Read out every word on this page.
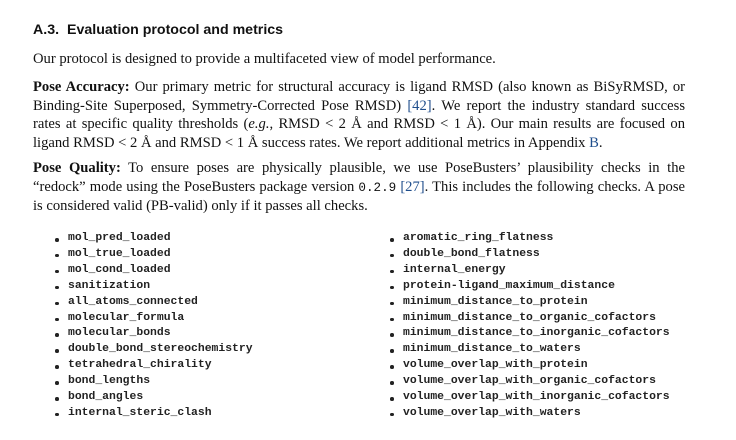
A.3. Evaluation protocol and metrics
Our protocol is designed to provide a multifaceted view of model performance.
Pose Accuracy: Our primary metric for structural accuracy is ligand RMSD (also known as BiSyRMSD, or Binding-Site Superposed, Symmetry-Corrected Pose RMSD) [42]. We report the industry standard success rates at specific quality thresholds (e.g., RMSD < 2 Å and RMSD < 1 Å). Our main results are focused on ligand RMSD < 2 Å and RMSD < 1 Å success rates. We report additional metrics in Appendix B.
Pose Quality: To ensure poses are physically plausible, we use PoseBusters’ plausibility checks in the “redock” mode using the PoseBusters package version 0.2.9 [27]. This includes the following checks. A pose is considered valid (PB-valid) only if it passes all checks.
mol_pred_loaded
mol_true_loaded
mol_cond_loaded
sanitization
all_atoms_connected
molecular_formula
molecular_bonds
double_bond_stereochemistry
tetrahedral_chirality
bond_lengths
bond_angles
internal_steric_clash
aromatic_ring_flatness
double_bond_flatness
internal_energy
protein-ligand_maximum_distance
minimum_distance_to_protein
minimum_distance_to_organic_cofactors
minimum_distance_to_inorganic_cofactors
minimum_distance_to_waters
volume_overlap_with_protein
volume_overlap_with_organic_cofactors
volume_overlap_with_inorganic_cofactors
volume_overlap_with_waters
